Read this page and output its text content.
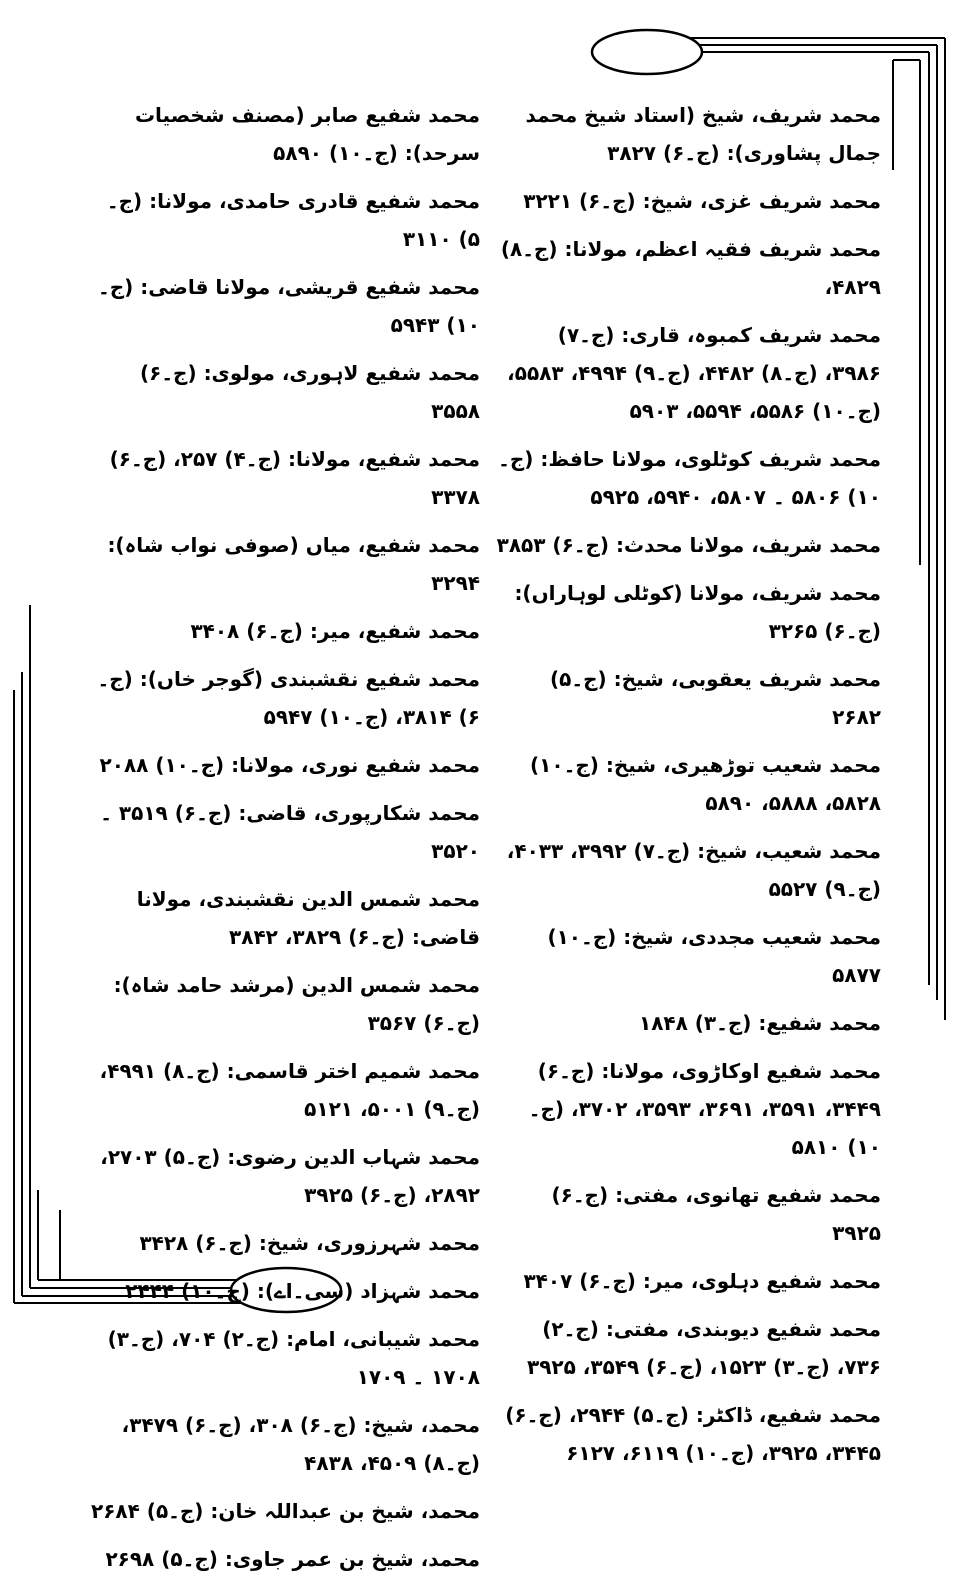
محمد شریف، شیخ (استاد شیخ محمد جمال پشاوری): (ج۔۶) ۳۸۲۷
محمد شریف غزی، شیخ: (ج۔۶) ۳۲۲۱
محمد شریف فقیہ اعظم، مولانا: (ج۔۸) ۴۸۲۹،
محمد شریف کمبوہ، قاری: (ج۔۷) ۳۹۸۶، (ج۔۸) ۴۴۸۲، (ج۔۹) ۴۹۹۴، ۵۵۸۳، (ج۔۱۰) ۵۵۸۶، ۵۵۹۴، ۵۹۰۳
محمد شریف کوٹلوی، مولانا حافظ: (ج۔۱۰) ۵۸۰۶ ۔ ۵۸۰۷، ۵۹۴۰، ۵۹۲۵
محمد شریف، مولانا محدث: (ج۔۶) ۳۸۵۳
محمد شریف، مولانا (کوٹلی لوہاراں): (ج۔۶) ۳۲۶۵
محمد شریف یعقوبی، شیخ: (ج۔۵) ۲۶۸۲
محمد شعیب توڑھیری، شیخ: (ج۔۱۰) ۵۸۲۸، ۵۸۸۸، ۵۸۹۰
محمد شعیب، شیخ: (ج۔۷) ۳۹۹۲، ۴۰۳۳، (ج۔۹) ۵۵۲۷
محمد شعیب مجددی، شیخ: (ج۔۱۰) ۵۸۷۷
محمد شفیع: (ج۔۳) ۱۸۴۸
محمد شفیع اوکاڑوی، مولانا: (ج۔۶) ۳۴۴۹، ۳۵۹۱، ۳۶۹۱، ۳۵۹۳، ۳۷۰۲، (ج۔۱۰) ۵۸۱۰
محمد شفیع تھانوی، مفتی: (ج۔۶) ۳۹۲۵
محمد شفیع دہلوی، میر: (ج۔۶) ۳۴۰۷
محمد شفیع دیوبندی، مفتی: (ج۔۲) ۷۳۶، (ج۔۳) ۱۵۲۳، (ج۔۶) ۳۵۴۹، ۳۹۲۵
محمد شفیع، ڈاکٹر: (ج۔۵) ۲۹۴۴، (ج۔۶) ۳۴۴۵، ۳۹۲۵، (ج۔۱۰) ۶۱۱۹، ۶۱۲۷
محمد شفیع صابر (مصنف شخصیات سرحد): (ج۔۱۰) ۵۸۹۰
محمد شفیع قادری حامدی، مولانا: (ج۔۵) ۳۱۱۰
محمد شفیع قریشی، مولانا قاضی: (ج۔۱۰) ۵۹۴۳
محمد شفیع لاہوری، مولوی: (ج۔۶) ۳۵۵۸
محمد شفیع، مولانا: (ج۔۴) ۲۵۷، (ج۔۶) ۳۳۷۸
محمد شفیع، میاں (صوفی نواب شاہ): ۳۲۹۴
محمد شفیع، میر: (ج۔۶) ۳۴۰۸
محمد شفیع نقشبندی (گوجر خاں): (ج۔۶) ۳۸۱۴، (ج۔۱۰) ۵۹۴۷
محمد شفیع نوری، مولانا: (ج۔۱۰) ۲۰۸۸
محمد شکارپوری، قاضی: (ج۔۶) ۳۵۱۹ ۔ ۳۵۲۰
محمد شمس الدین نقشبندی، مولانا قاضی: (ج۔۶) ۳۸۲۹، ۳۸۴۲
محمد شمس الدین (مرشد حامد شاہ): (ج۔۶) ۳۵۶۷
محمد شمیم اختر قاسمی: (ج۔۸) ۴۹۹۱، (ج۔۹) ۵۰۰۱، ۵۱۲۱
محمد شہاب الدین رضوی: (ج۔۵) ۲۷۰۳، ۲۸۹۲، (ج۔۶) ۳۹۲۵
محمد شہرزوری، شیخ: (ج۔۶) ۳۴۲۸
محمد شہزاد (سی۔اے): (ج۔۱۰) ۲۴۴۴
محمد شیبانی، امام: (ج۔۲) ۷۰۴، (ج۔۳) ۱۷۰۸ ۔ ۱۷۰۹
محمد، شیخ: (ج۔۶) ۳۰۸، (ج۔۶) ۳۴۷۹، (ج۔۸) ۴۵۰۹، ۴۸۳۸
محمد، شیخ بن عبداللہ خان: (ج۔۵) ۲۶۸۴
محمد، شیخ بن عمر جاوی: (ج۔۵) ۲۶۹۸
